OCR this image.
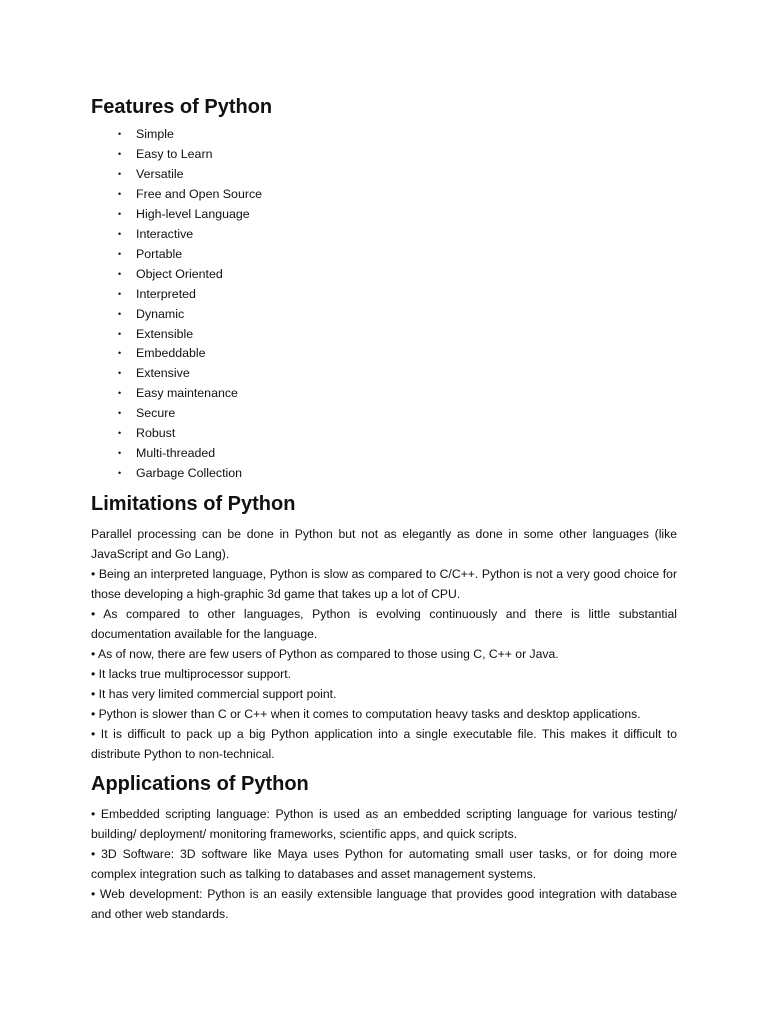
Features of Python
• Simple
• Easy to Learn
• Versatile
• Free and Open Source
• High-level Language
• Interactive
• Portable
• Object Oriented
• Interpreted
• Dynamic
• Extensible
• Embeddable
• Extensive
• Easy maintenance
• Secure
• Robust
• Multi-threaded
• Garbage Collection
Limitations of Python

Parallel processing can be done in Python but not as elegantly as done in some other languages (like JavaScript and Go Lang).

• Being an interpreted language, Python is slow as compared to C/C++. Python is not a very good choice for those developing a high-graphic 3d game that takes up a lot of CPU.

• As compared to other languages, Python is evolving continuously and there is little substantial documentation available for the language.

• As of now, there are few users of Python as compared to those using C, C++ or Java.

• It lacks true multiprocessor support.

• It has very limited commercial support point.

• Python is slower than C or C++ when it comes to computation heavy tasks and desktop applications.

• It is difficult to pack up a big Python application into a single executable file. This makes it difficult to distribute Python to non-technical.

Applications of Python

• Embedded scripting language: Python is used as an embedded scripting language for various testing/ building/ deployment/ monitoring frameworks, scientific apps, and quick scripts.

• 3D Software: 3D software like Maya uses Python for automating small user tasks, or for doing more complex integration such as talking to databases and asset management systems.

• Web development: Python is an easily extensible language that provides good integration with database and other web standards.
